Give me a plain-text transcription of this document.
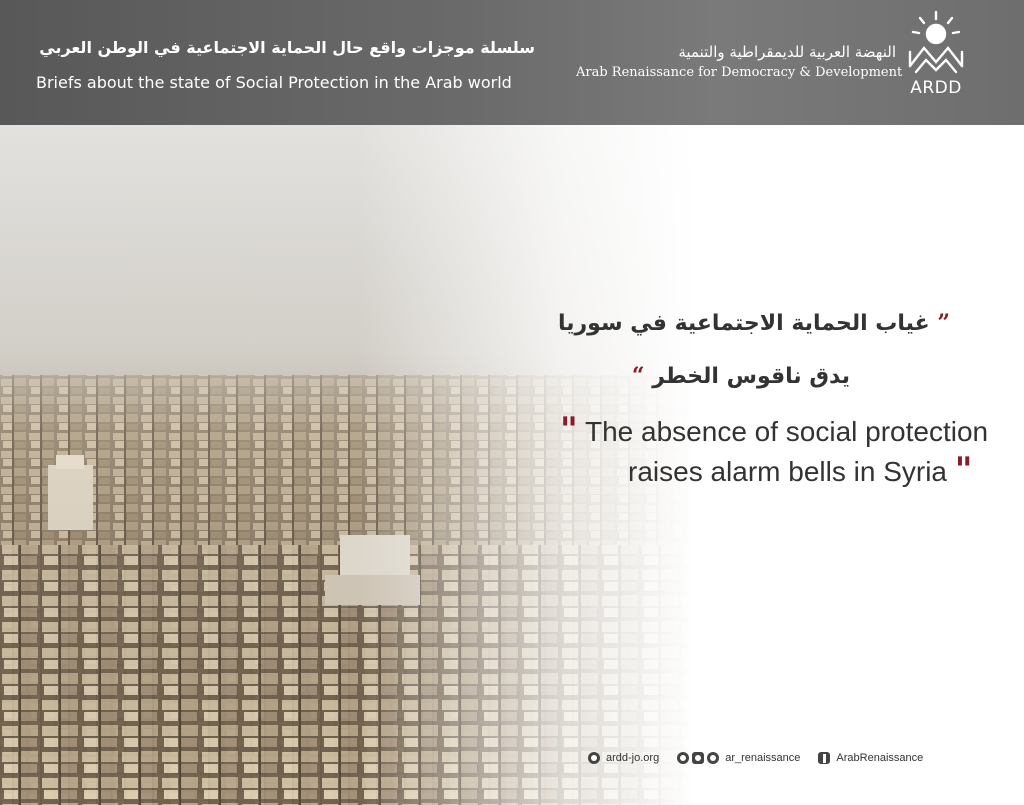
سلسلة موجزات واقع حال الحماية الاجتماعية في الوطن العربي
Briefs about the state of Social Protection in the Arab world
النهضة العربية للديمقراطية والتنمية
Arab Renaissance for Democracy & Development
ARDD
” غياب الحماية الاجتماعية في سوريا
يدق ناقوس الخطر “
" The absence of social protection
raises alarm bells in Syria "
ardd-jo.org	ar_renaissance	ArabRenaissance
